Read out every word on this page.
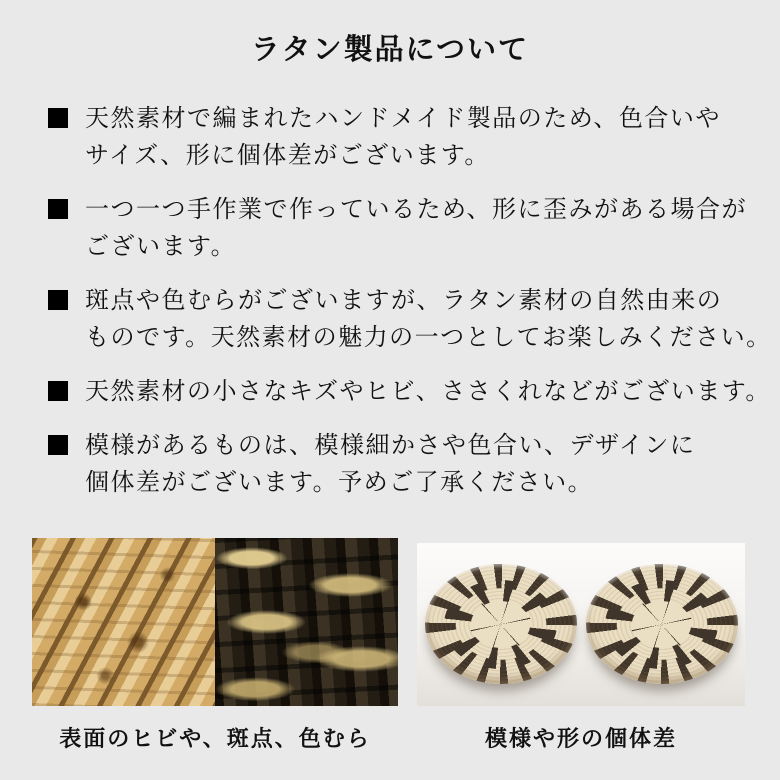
ラタン製品について
天然素材で編まれたハンドメイド製品のため、色合いや
サイズ、形に個体差がございます。
一つ一つ手作業で作っているため、形に歪みがある場合が
ございます。
斑点や色むらがございますが、ラタン素材の自然由来の
ものです。天然素材の魅力の一つとしてお楽しみください。
天然素材の小さなキズやヒビ、ささくれなどがございます。
模様があるものは、模様細かさや色合い、デザインに
個体差がございます。予めご了承ください。
表面のヒビや、斑点、色むら	模様や形の個体差
